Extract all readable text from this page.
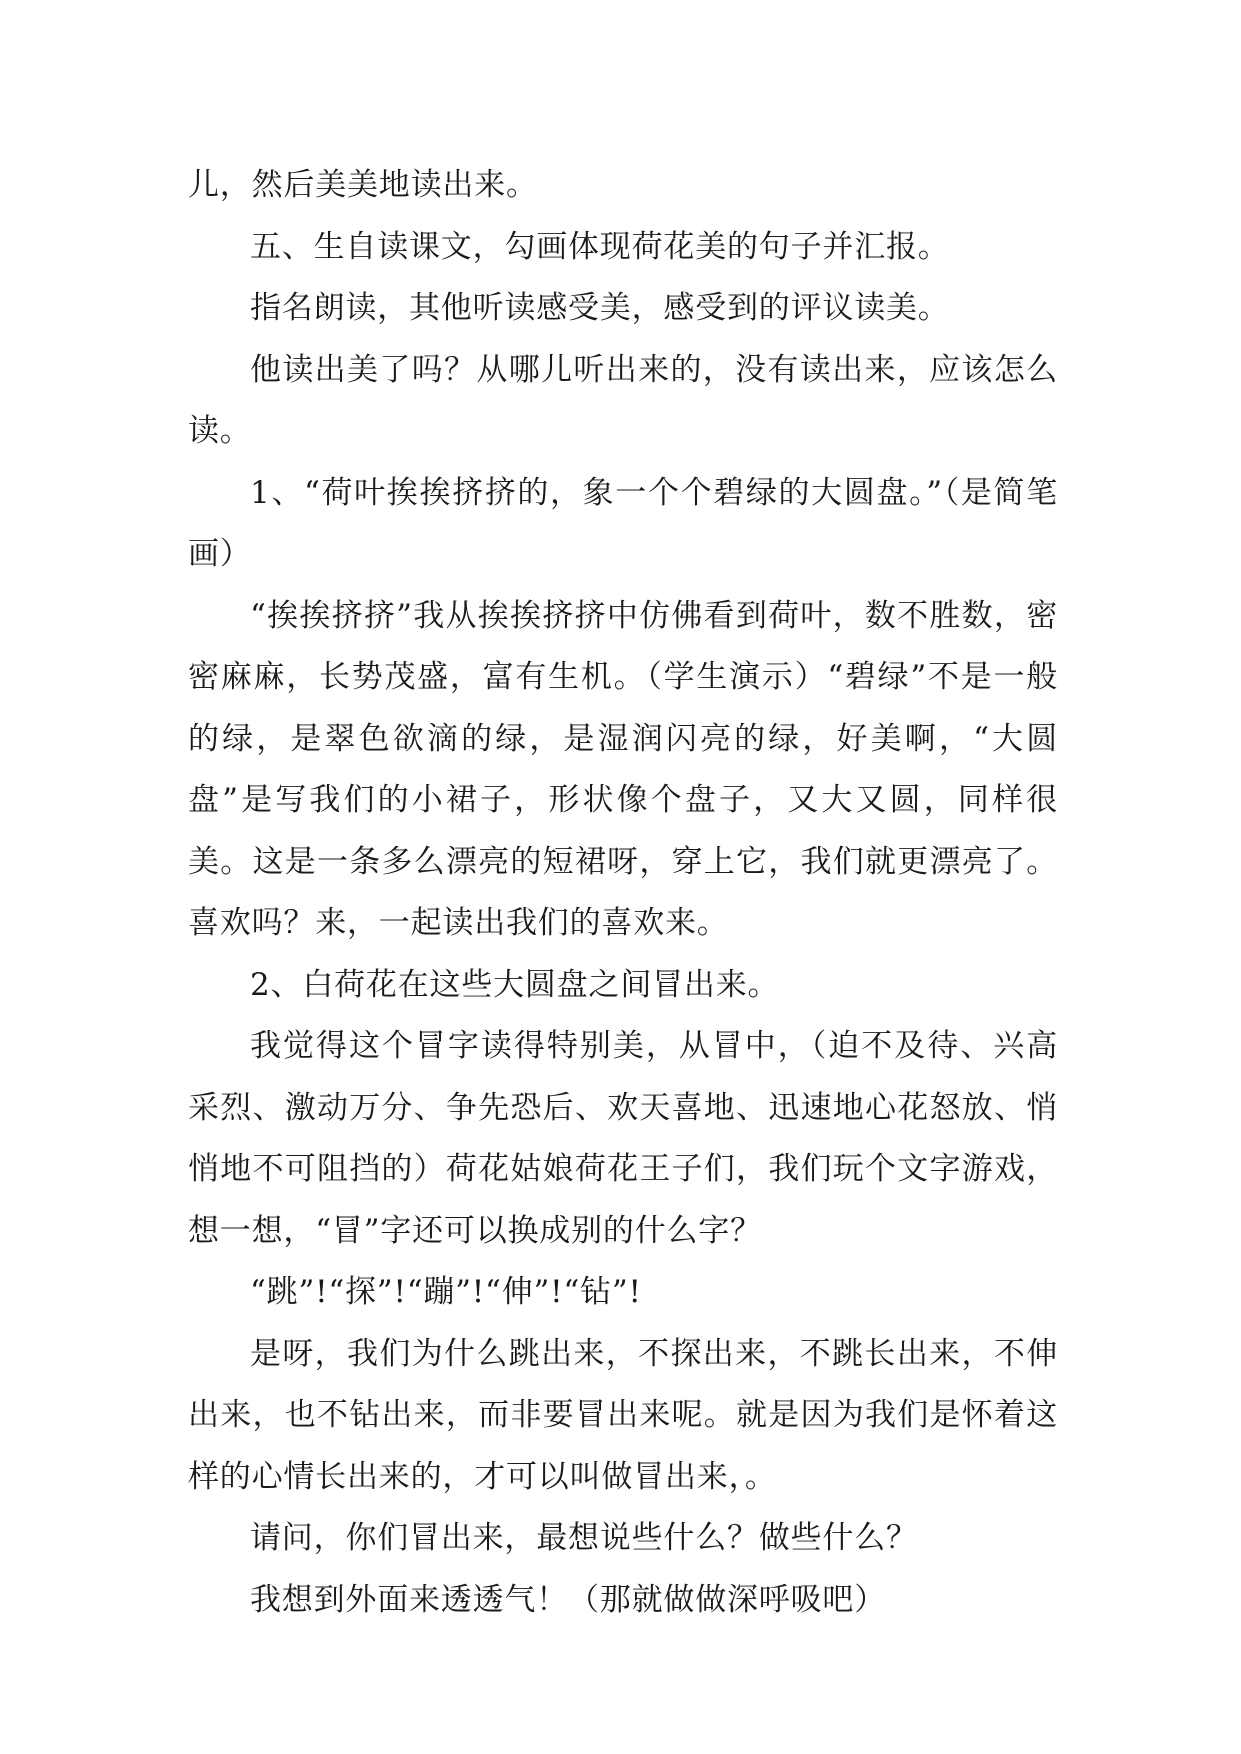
儿，然后美美地读出来。

五、生自读课文，勾画体现荷花美的句子并汇报。

指名朗读，其他听读感受美，感受到的评议读美。

他读出美了吗？从哪儿听出来的，没有读出来，应该怎么读。

1、“荷叶挨挨挤挤的，象一个个碧绿的大圆盘。”（是简笔画）

“挨挨挤挤”我从挨挨挤挤中仿佛看到荷叶，数不胜数，密密麻麻，长势茂盛，富有生机。（学生演示）“碧绿”不是一般的绿，是翠色欲滴的绿，是湿润闪亮的绿，好美啊，“大圆盘”是写我们的小裙子，形状像个盘子，又大又圆，同样很美。这是一条多么漂亮的短裙呀，穿上它，我们就更漂亮了。喜欢吗？来，一起读出我们的喜欢来。

2、白荷花在这些大圆盘之间冒出来。

我觉得这个冒字读得特别美，从冒中，（迫不及待、兴高采烈、激动万分、争先恐后、欢天喜地、迅速地心花怒放、悄悄地不可阻挡的）荷花姑娘荷花王子们，我们玩个文字游戏，想一想，“冒”字还可以换成别的什么字？

“跳”!“探”!“蹦”!“伸”!“钻”!

是呀，我们为什么跳出来，不探出来，不跳长出来，不伸出来，也不钻出来，而非要冒出来呢。就是因为我们是怀着这样的心情长出来的，才可以叫做冒出来，。

请问，你们冒出来，最想说些什么？做些什么？

我想到外面来透透气！（那就做做深呼吸吧）
